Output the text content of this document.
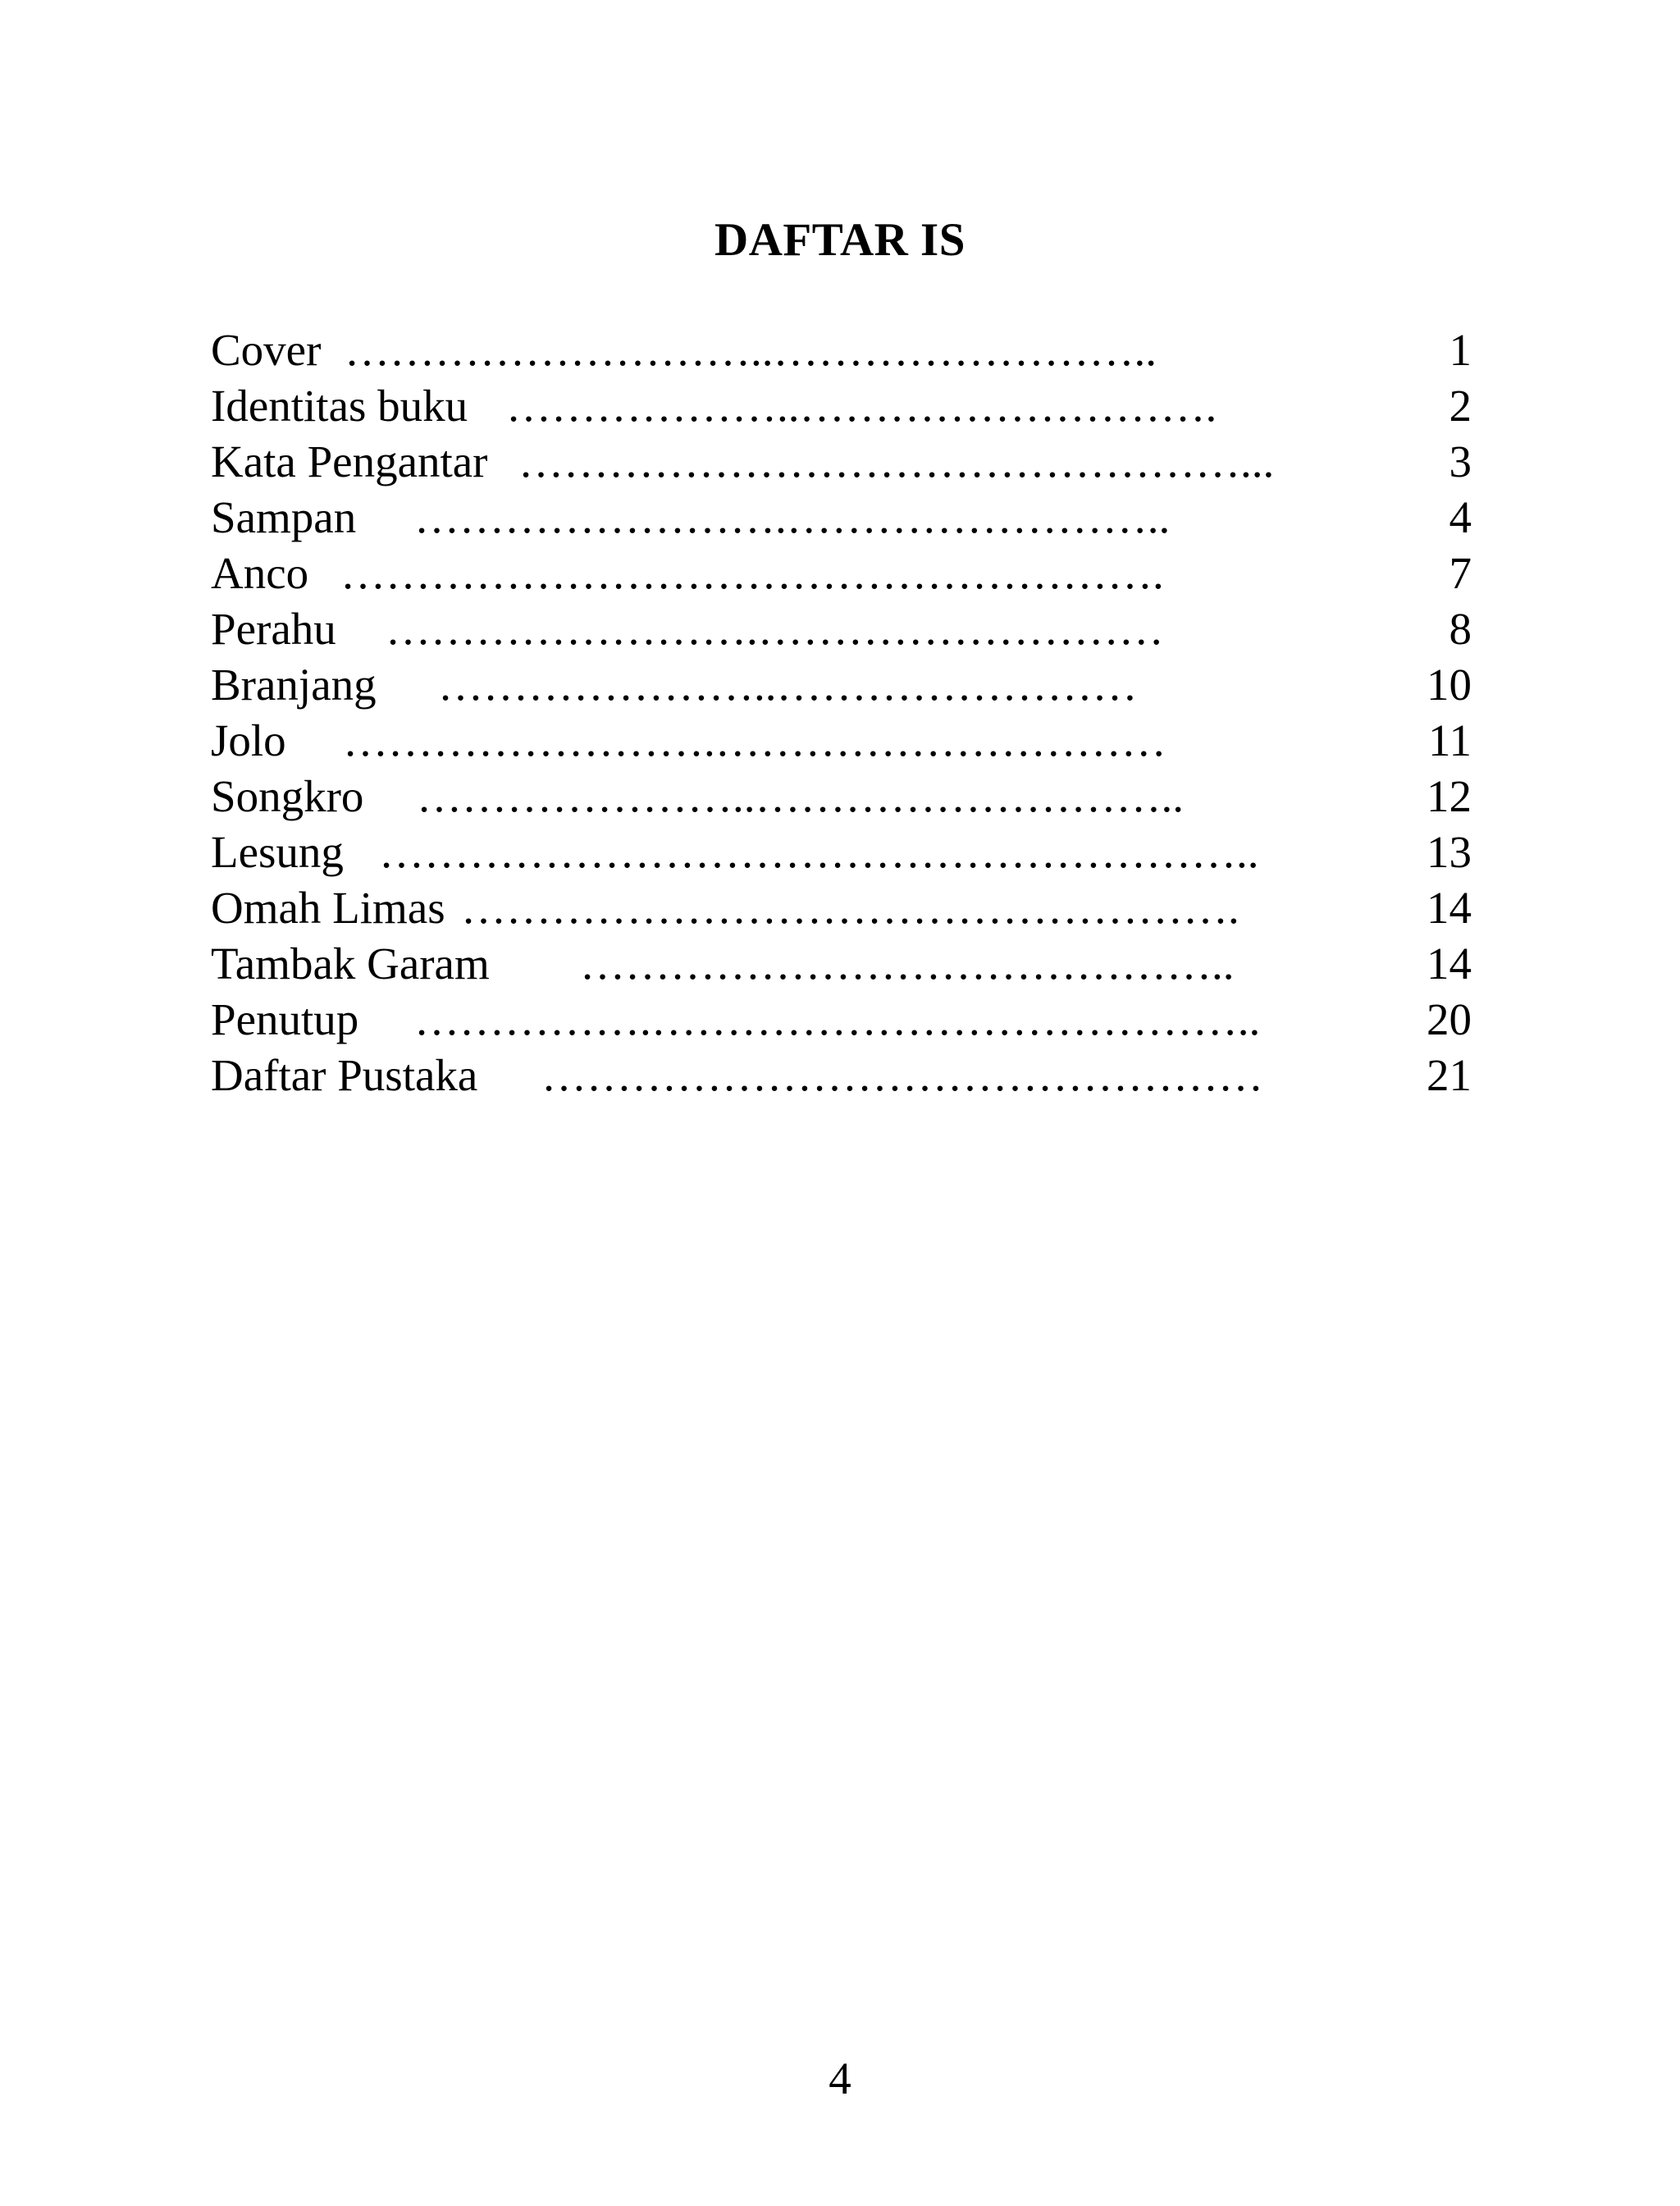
DAFTAR IS
Cover ………………………..……………………..	1
Identitas buku ………………..……………………….	2
Kata Pengantar …………………………………………...	3
Sampan …………………….……………………..	4
Anco ……………………………………………….	7
Perahu …………………….………………………	8
Branjang …………………..……………………	10
Jolo …………………….…………………………	11
Songkro …………………..………………………..	12
Lesung …………………………………………………..	13
Omah Limas …………………………………………….	14
Tambak Garam ……………………………………..	14
Penutup …………….…………………………………..	20
Daftar Pustaka …………………………………………	21
4
